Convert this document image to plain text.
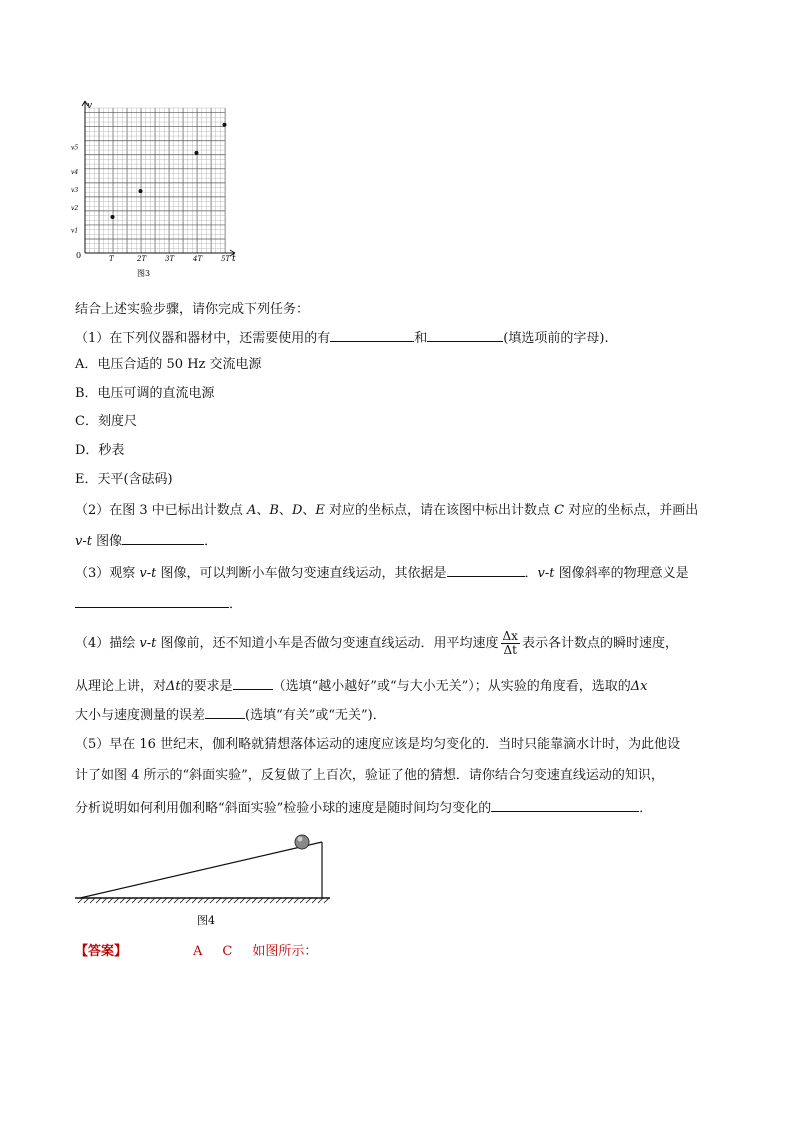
T	2T	3T	4T	5T
v1
v2
v3
v4
v5
t
v
0
图3
结合上述实验步骤，请你完成下列任务：
（1）在下列仪器和器材中，还需要使用的有	和	(填选项前的字母).
A．电压合适的 50 Hz 交流电源
B．电压可调的直流电源
C．刻度尺
D．秒表
E．天平(含砝码)
（2）在图 3 中已标出计数点 A、B、D、E 对应的坐标点，请在该图中标出计数点 C 对应的坐标点，并画出
v-t 图像	．
（3）观察 v-t 图像，可以判断小车做匀变速直线运动，其依据是	．v-t 图像斜率的物理意义是
．
（4）描绘 v-t 图像前，还不知道小车是否做匀变速直线运动．用平均速度 $\frac{\Delta x}{\Delta t}$ 表示各计数点的瞬时速度，
从理论上讲，对Δt的要求是	（选填“越小越好”或“与大小无关”）；从实验的角度看，选取的Δx
大小与速度测量的误差	(选填“有关”或“无关”)．
（5）早在 16 世纪末，伽利略就猜想落体运动的速度应该是均匀变化的．当时只能靠滴水计时，为此他设
计了如图 4 所示的“斜面实验”，反复做了上百次，验证了他的猜想．请你结合匀变速直线运动的知识，
分析说明如何利用伽利略“斜面实验”检验小球的速度是随时间均匀变化的	．
图4
【答案】	A C 如图所示：
